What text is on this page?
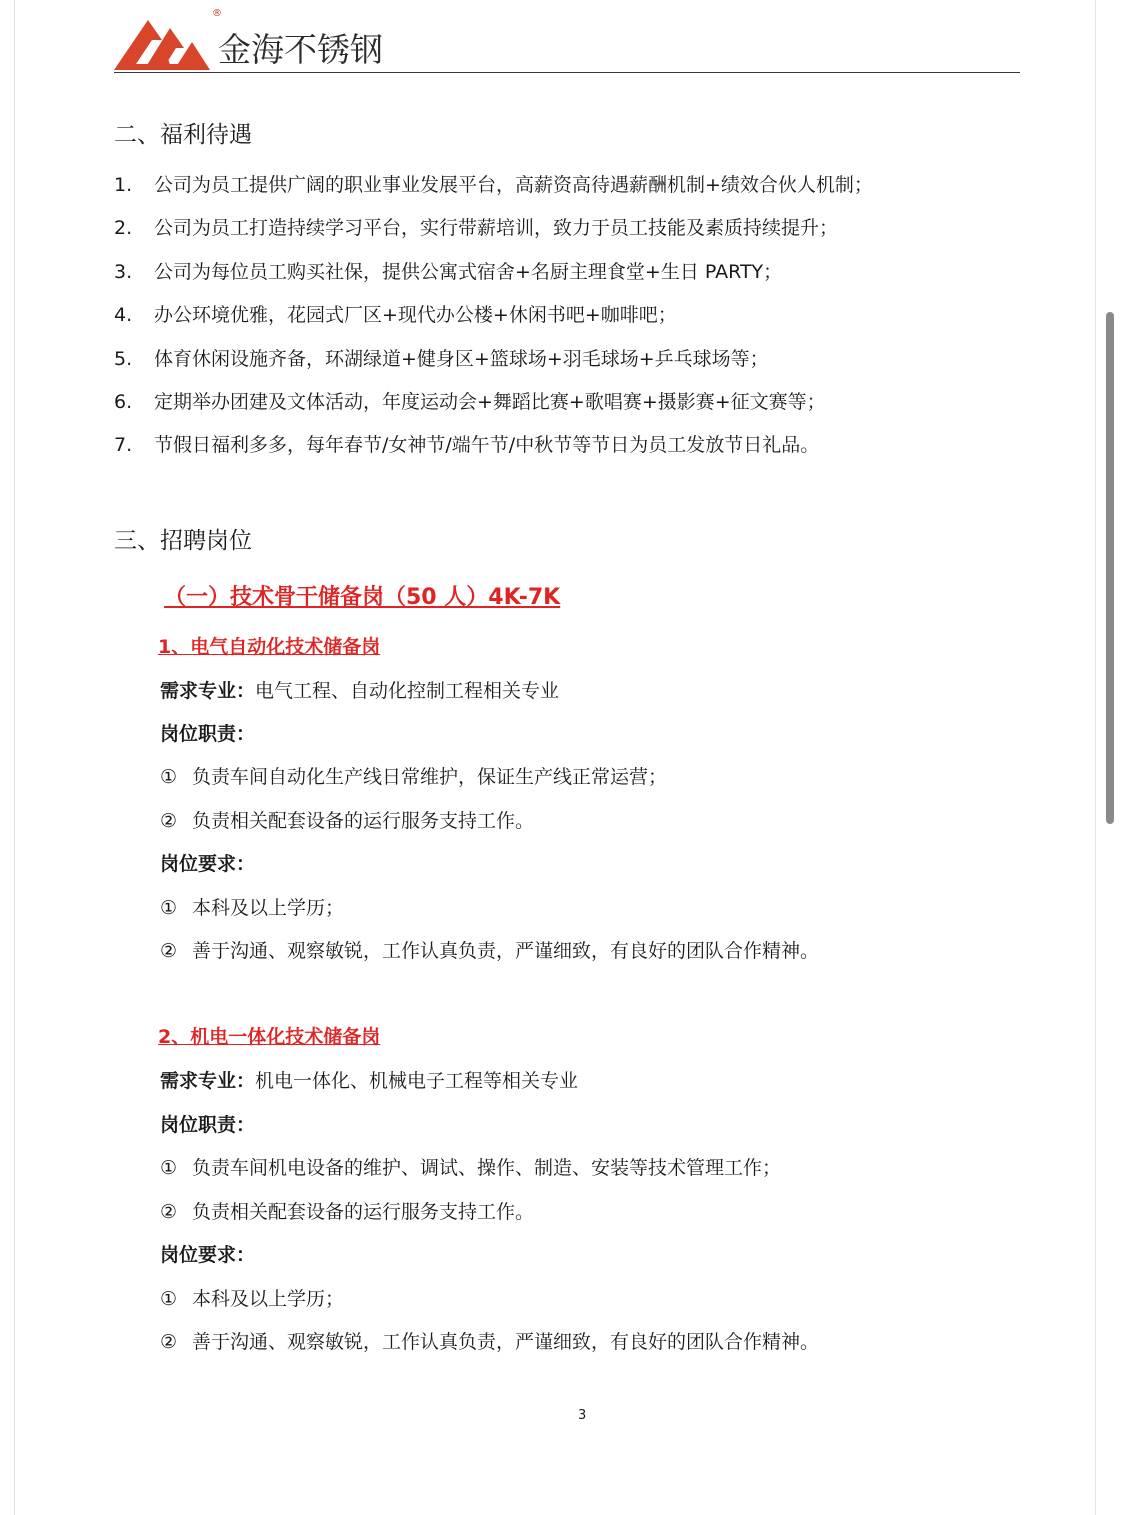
®
金海不锈钢
二、福利待遇
1. 公司为员工提供广阔的职业事业发展平台，高薪资高待遇薪酬机制+绩效合伙人机制；
2. 公司为员工打造持续学习平台，实行带薪培训，致力于员工技能及素质持续提升；
3. 公司为每位员工购买社保，提供公寓式宿舍+名厨主理食堂+生日 PARTY；
4. 办公环境优雅，花园式厂区+现代办公楼+休闲书吧+咖啡吧；
5. 体育休闲设施齐备，环湖绿道+健身区+篮球场+羽毛球场+乒乓球场等；
6. 定期举办团建及文体活动，年度运动会+舞蹈比赛+歌唱赛+摄影赛+征文赛等；
7. 节假日福利多多，每年春节/女神节/端午节/中秋节等节日为员工发放节日礼品。
三、招聘岗位
（一）技术骨干储备岗（50 人）4K-7K
1、电气自动化技术储备岗
需求专业：电气工程、自动化控制工程相关专业
岗位职责：
① 负责车间自动化生产线日常维护，保证生产线正常运营；
② 负责相关配套设备的运行服务支持工作。
岗位要求：
① 本科及以上学历；
② 善于沟通、观察敏锐，工作认真负责，严谨细致，有良好的团队合作精神。
2、机电一体化技术储备岗
需求专业：机电一体化、机械电子工程等相关专业
岗位职责：
① 负责车间机电设备的维护、调试、操作、制造、安装等技术管理工作；
② 负责相关配套设备的运行服务支持工作。
岗位要求：
① 本科及以上学历；
② 善于沟通、观察敏锐，工作认真负责，严谨细致，有良好的团队合作精神。
3
